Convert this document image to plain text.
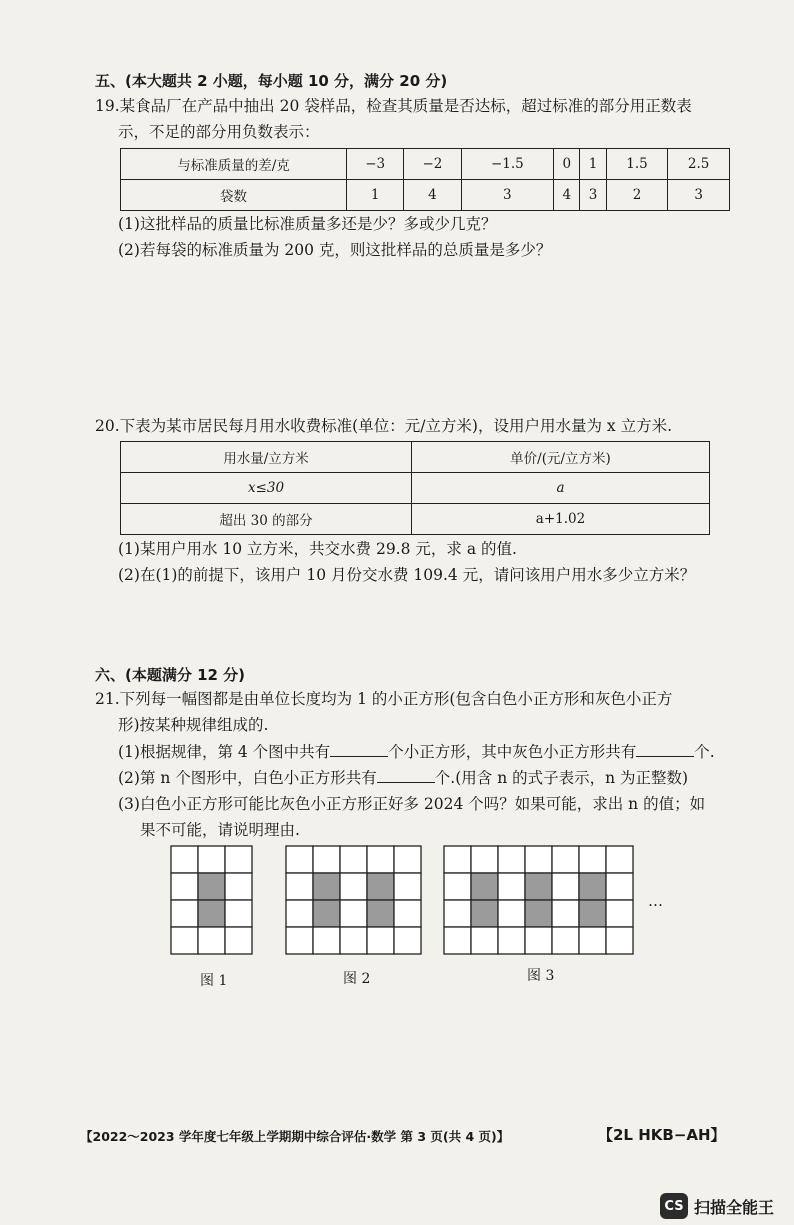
五、(本大题共 2 小题，每小题 10 分，满分 20 分)
19.某食品厂在产品中抽出 20 袋样品，检查其质量是否达标，超过标准的部分用正数表
示，不足的部分用负数表示：
与标准质量的差/克	−3	−2	−1.5	0	1	1.5	2.5
袋数	1	4	3	4	3	2	3
(1)这批样品的质量比标准质量多还是少？多或少几克？
(2)若每袋的标准质量为 200 克，则这批样品的总质量是多少？
20.下表为某市居民每月用水收费标准(单位：元/立方米)，设用户用水量为 x 立方米.
用水量/立方米	单价/(元/立方米)
x≤30	a
超出 30 的部分	a+1.02
(1)某用户用水 10 立方米，共交水费 29.8 元，求 a 的值.
(2)在(1)的前提下，该用户 10 月份交水费 109.4 元，请问该用户用水多少立方米？
六、(本题满分 12 分)
21.下列每一幅图都是由单位长度均为 1 的小正方形(包含白色小正方形和灰色小正方
形)按某种规律组成的.
(1)根据规律，第 4 个图中共有	个小正方形，其中灰色小正方形共有	个.
(2)第 n 个图形中，白色小正方形共有	个.(用含 n 的式子表示，n 为正整数)
(3)白色小正方形可能比灰色小正方形正好多 2024 个吗？如果可能，求出 n 的值；如
果不可能，请说明理由.
图 1	图 2	图 3
…
【2022～2023 学年度七年级上学期期中综合评估·数学 第 3 页(共 4 页)】	【2L HKB−AH】
CS 扫描全能王
